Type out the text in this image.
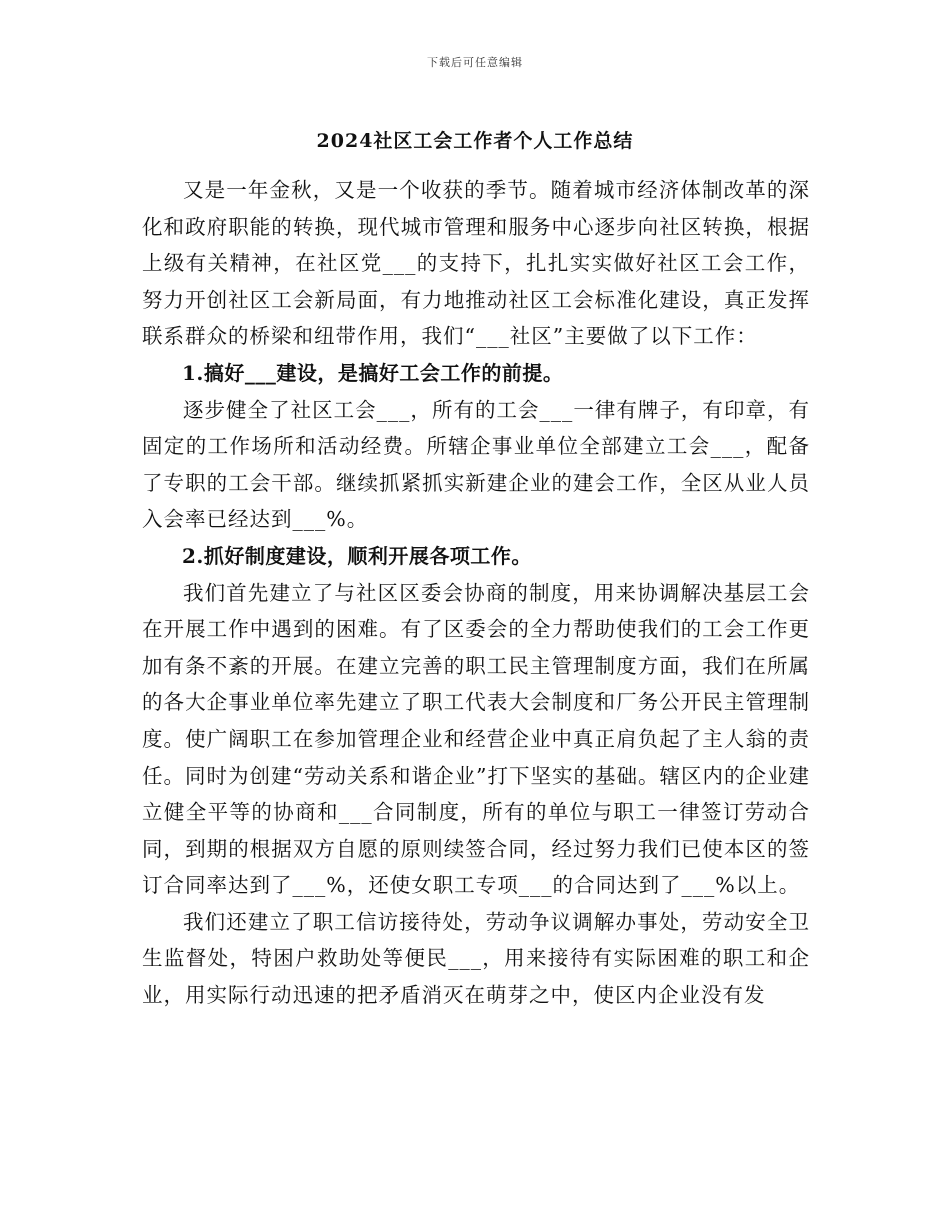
下载后可任意编辑
2024社区工会工作者个人工作总结

又是一年金秋，又是一个收获的季节。随着城市经济体制改革的深化和政府职能的转换，现代城市管理和服务中心逐步向社区转换，根据上级有关精神，在社区党___的支持下，扎扎实实做好社区工会工作，努力开创社区工会新局面，有力地推动社区工会标准化建设，真正发挥联系群众的桥梁和纽带作用，我们“___社区”主要做了以下工作：

1.搞好___建设，是搞好工会工作的前提。

逐步健全了社区工会___，所有的工会___一律有牌子，有印章，有固定的工作场所和活动经费。所辖企事业单位全部建立工会___，配备了专职的工会干部。继续抓紧抓实新建企业的建会工作，全区从业人员入会率已经达到___%。

2.抓好制度建设，顺利开展各项工作。

我们首先建立了与社区区委会协商的制度，用来协调解决基层工会在开展工作中遇到的困难。有了区委会的全力帮助使我们的工会工作更加有条不紊的开展。在建立完善的职工民主管理制度方面，我们在所属的各大企事业单位率先建立了职工代表大会制度和厂务公开民主管理制度。使广阔职工在参加管理企业和经营企业中真正肩负起了主人翁的责任。同时为创建“劳动关系和谐企业”打下坚实的基础。辖区内的企业建立健全平等的协商和___合同制度，所有的单位与职工一律签订劳动合同，到期的根据双方自愿的原则续签合同，经过努力我们已使本区的签订合同率达到了___%，还使女职工专项___的合同达到了___%以上。

我们还建立了职工信访接待处，劳动争议调解办事处，劳动安全卫生监督处，特困户救助处等便民___，用来接待有实际困难的职工和企业，用实际行动迅速的把矛盾消灭在萌芽之中，使区内企业没有发
